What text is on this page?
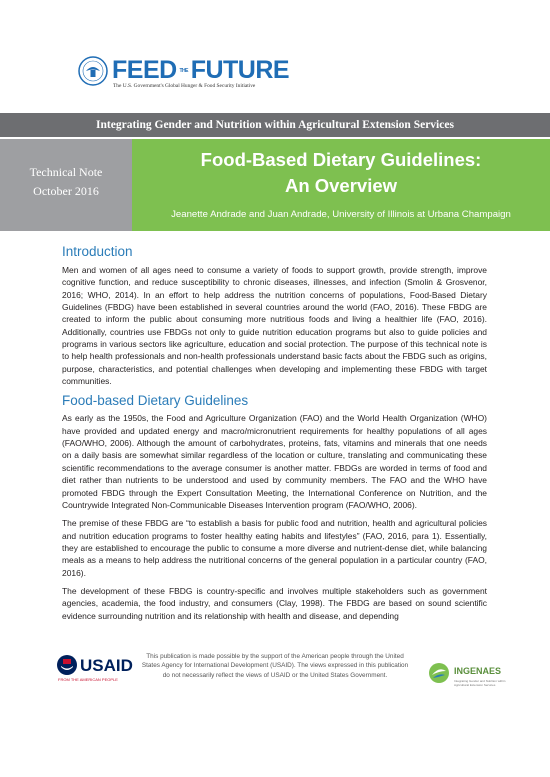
FEED THE FUTURE
The U.S. Government's Global Hunger & Food Security Initiative
Integrating Gender and Nutrition within Agricultural Extension Services
Technical Note
October 2016
Food-Based Dietary Guidelines:
An Overview
Jeanette Andrade and Juan Andrade, University of Illinois at Urbana Champaign
Introduction

Men and women of all ages need to consume a variety of foods to support growth, provide strength, improve cognitive function, and reduce susceptibility to chronic diseases, illnesses, and infection (Smolin & Grosvenor, 2016; WHO, 2014). In an effort to help address the nutrition concerns of populations, Food-Based Dietary Guidelines (FBDG) have been established in several countries around the world (FAO, 2016). These FBDG are created to inform the public about consuming more nutritious foods and living a healthier life (FAO, 2016). Additionally, countries use FBDGs not only to guide nutrition education programs but also to guide policies and programs in various sectors like agriculture, education and social protection. The purpose of this technical note is to help health professionals and non-health professionals understand basic facts about the FBDG such as origins, purpose, characteristics, and potential challenges when developing and implementing these FBDG with target communities.

Food-based Dietary Guidelines

As early as the 1950s, the Food and Agriculture Organization (FAO) and the World Health Organization (WHO) have provided and updated energy and macro/micronutrient requirements for healthy populations of all ages (FAO/WHO, 2006). Although the amount of carbohydrates, proteins, fats, vitamins and minerals that one needs on a daily basis are somewhat similar regardless of the location or culture, translating and communicating these scientific recommendations to the average consumer is another matter. FBDGs are worded in terms of food and diet rather than nutrients to be understood and used by community members. The FAO and the WHO have promoted FBDG through the Expert Consultation Meeting, the International Conference on Nutrition, and the Countrywide Integrated Non-Communicable Diseases Intervention program (FAO/WHO, 2006).

The premise of these FBDG are “to establish a basis for public food and nutrition, health and agricultural policies and nutrition education programs to foster healthy eating habits and lifestyles” (FAO, 2016, para 1). Essentially, they are established to encourage the public to consume a more diverse and nutrient-dense diet, while balancing meals as a means to help address the nutritional concerns of the general population in a particular country (FAO, 2016).

The development of these FBDG is country-specific and involves multiple stakeholders such as government agencies, academia, the food industry, and consumers (Clay, 1998). The FBDG are based on sound scientific evidence surrounding nutrition and its relationship with health and disease, and depending

USAID
FROM THE AMERICAN PEOPLE
This publication is made possible by the support of the American people through the United States Agency for International Development (USAID). The views expressed in this publication do not necessarily reflect the views of USAID or the United States Government.	INGENAES
Integrating Gender and Nutrition within Agricultural Extension Services
